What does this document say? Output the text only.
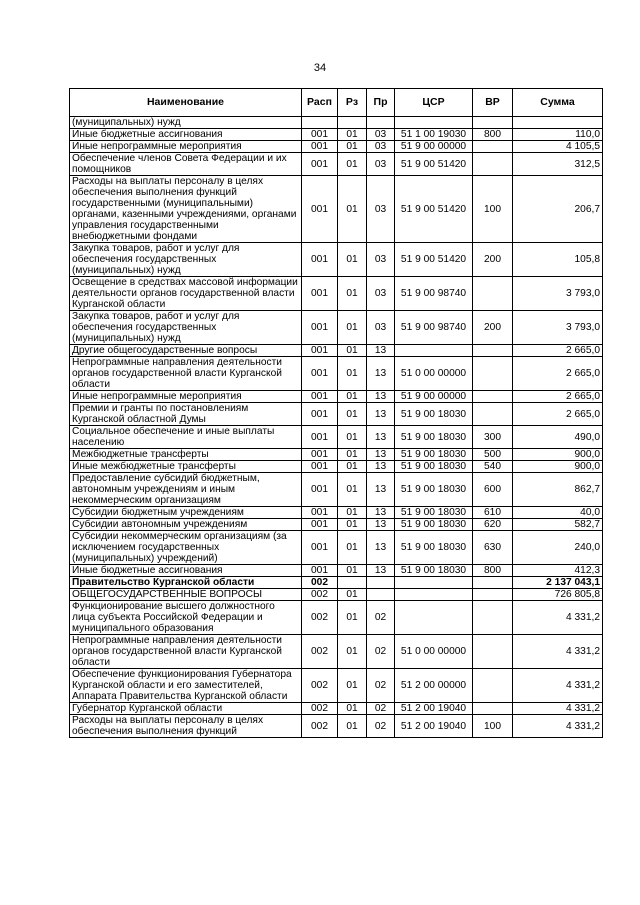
34
Наименование	Расп	Рз	Пр	ЦСР	ВР	Сумма
(муниципальных) нужд						
Иные бюджетные ассигнования	001	01	03	51 1 00 19030	800	110,0
Иные непрограммные мероприятия	001	01	03	51 9 00 00000		4 105,5
Обеспечение членов Совета Федерации и их помощников	001	01	03	51 9 00 51420		312,5
Расходы на выплаты персоналу в целях обеспечения выполнения функций государственными (муниципальными) органами, казенными учреждениями, органами управления государственными внебюджетными фондами	001	01	03	51 9 00 51420	100	206,7
Закупка товаров, работ и услуг для обеспечения государственных (муниципальных) нужд	001	01	03	51 9 00 51420	200	105,8
Освещение в средствах массовой информации деятельности органов государственной власти Курганской области	001	01	03	51 9 00 98740		3 793,0
Закупка товаров, работ и услуг для обеспечения государственных (муниципальных) нужд	001	01	03	51 9 00 98740	200	3 793,0
Другие общегосударственные вопросы	001	01	13			2 665,0
Непрограммные направления деятельности органов государственной власти Курганской области	001	01	13	51 0 00 00000		2 665,0
Иные непрограммные мероприятия	001	01	13	51 9 00 00000		2 665,0
Премии и гранты по постановлениям Курганской областной Думы	001	01	13	51 9 00 18030		2 665,0
Социальное обеспечение и иные выплаты населению	001	01	13	51 9 00 18030	300	490,0
Межбюджетные трансферты	001	01	13	51 9 00 18030	500	900,0
Иные межбюджетные трансферты	001	01	13	51 9 00 18030	540	900,0
Предоставление субсидий бюджетным, автономным учреждениям и иным некоммерческим организациям	001	01	13	51 9 00 18030	600	862,7
Субсидии бюджетным учреждениям	001	01	13	51 9 00 18030	610	40,0
Субсидии автономным учреждениям	001	01	13	51 9 00 18030	620	582,7
Субсидии некоммерческим организациям (за исключением государственных (муниципальных) учреждений)	001	01	13	51 9 00 18030	630	240,0
Иные бюджетные ассигнования	001	01	13	51 9 00 18030	800	412,3
Правительство Курганской области	002					2 137 043,1
ОБЩЕГОСУДАРСТВЕННЫЕ ВОПРОСЫ	002	01				726 805,8
Функционирование высшего должностного лица субъекта Российской Федерации и муниципального образования	002	01	02			4 331,2
Непрограммные направления деятельности органов государственной власти Курганской области	002	01	02	51 0 00 00000		4 331,2
Обеспечение функционирования Губернатора Курганской области и его заместителей, Аппарата Правительства Курганской области	002	01	02	51 2 00 00000		4 331,2
Губернатор Курганской области	002	01	02	51 2 00 19040		4 331,2
Расходы на выплаты персоналу в целях обеспечения выполнения функций	002	01	02	51 2 00 19040	100	4 331,2
